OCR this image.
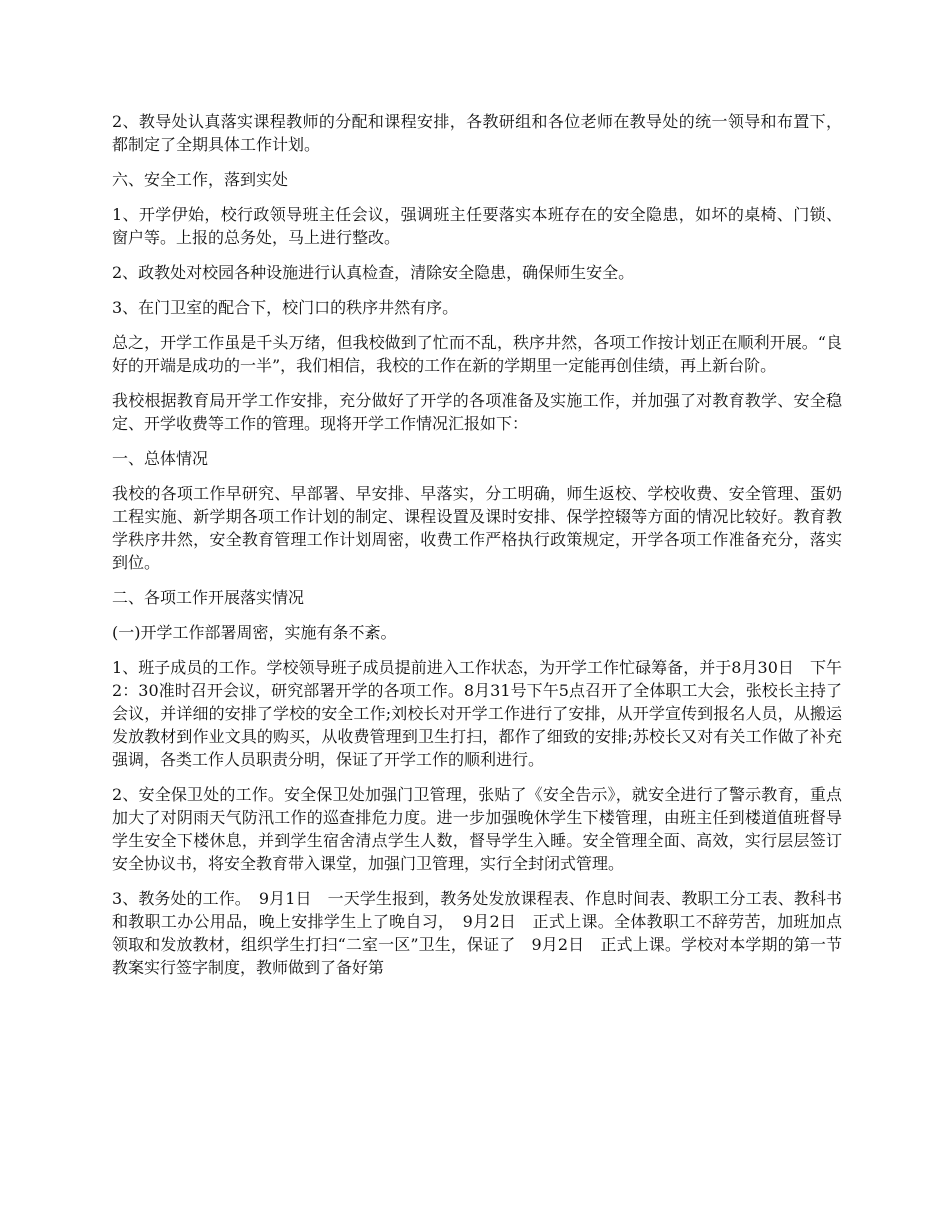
2、教导处认真落实课程教师的分配和课程安排，各教研组和各位老师在教导处的统一领导和布置下，都制定了全期具体工作计划。

六、安全工作，落到实处

1、开学伊始，校行政领导班主任会议，强调班主任要落实本班存在的安全隐患，如坏的桌椅、门锁、窗户等。上报的总务处，马上进行整改。

2、政教处对校园各种设施进行认真检查，清除安全隐患，确保师生安全。

3、在门卫室的配合下，校门口的秩序井然有序。

总之，开学工作虽是千头万绪，但我校做到了忙而不乱，秩序井然，各项工作按计划正在顺利开展。“良好的开端是成功的一半”，我们相信，我校的工作在新的学期里一定能再创佳绩，再上新台阶。

我校根据教育局开学工作安排，充分做好了开学的各项准备及实施工作，并加强了对教育教学、安全稳定、开学收费等工作的管理。现将开学工作情况汇报如下：

一、总体情况

我校的各项工作早研究、早部署、早安排、早落实，分工明确，师生返校、学校收费、安全管理、蛋奶工程实施、新学期各项工作计划的制定、课程设置及课时安排、保学控辍等方面的情况比较好。教育教学秩序井然，安全教育管理工作计划周密，收费工作严格执行政策规定，开学各项工作准备充分，落实到位。

二、各项工作开展落实情况

(一)开学工作部署周密，实施有条不紊。

1、班子成员的工作。学校领导班子成员提前进入工作状态，为开学工作忙碌筹备，并于8月30日　下午　2：30准时召开会议，研究部署开学的各项工作。8月31号下午5点召开了全体职工大会，张校长主持了会议，并详细的安排了学校的安全工作;刘校长对开学工作进行了安排，从开学宣传到报名人员，从搬运发放教材到作业文具的购买，从收费管理到卫生打扫，都作了细致的安排;苏校长又对有关工作做了补充强调，各类工作人员职责分明，保证了开学工作的顺利进行。

2、安全保卫处的工作。安全保卫处加强门卫管理，张贴了《安全告示》，就安全进行了警示教育，重点加大了对阴雨天气防汛工作的巡查排危力度。进一步加强晚休学生下楼管理，由班主任到楼道值班督导学生安全下楼休息，并到学生宿舍清点学生人数，督导学生入睡。安全管理全面、高效，实行层层签订安全协议书，将安全教育带入课堂，加强门卫管理，实行全封闭式管理。

3、教务处的工作。　9月1日　一天学生报到，教务处发放课程表、作息时间表、教职工分工表、教科书和教职工办公用品，晚上安排学生上了晚自习，　9月2日　正式上课。全体教职工不辞劳苦，加班加点领取和发放教材，组织学生打扫“二室一区”卫生，保证了　9月2日　正式上课。学校对本学期的第一节教案实行签字制度，教师做到了备好第
